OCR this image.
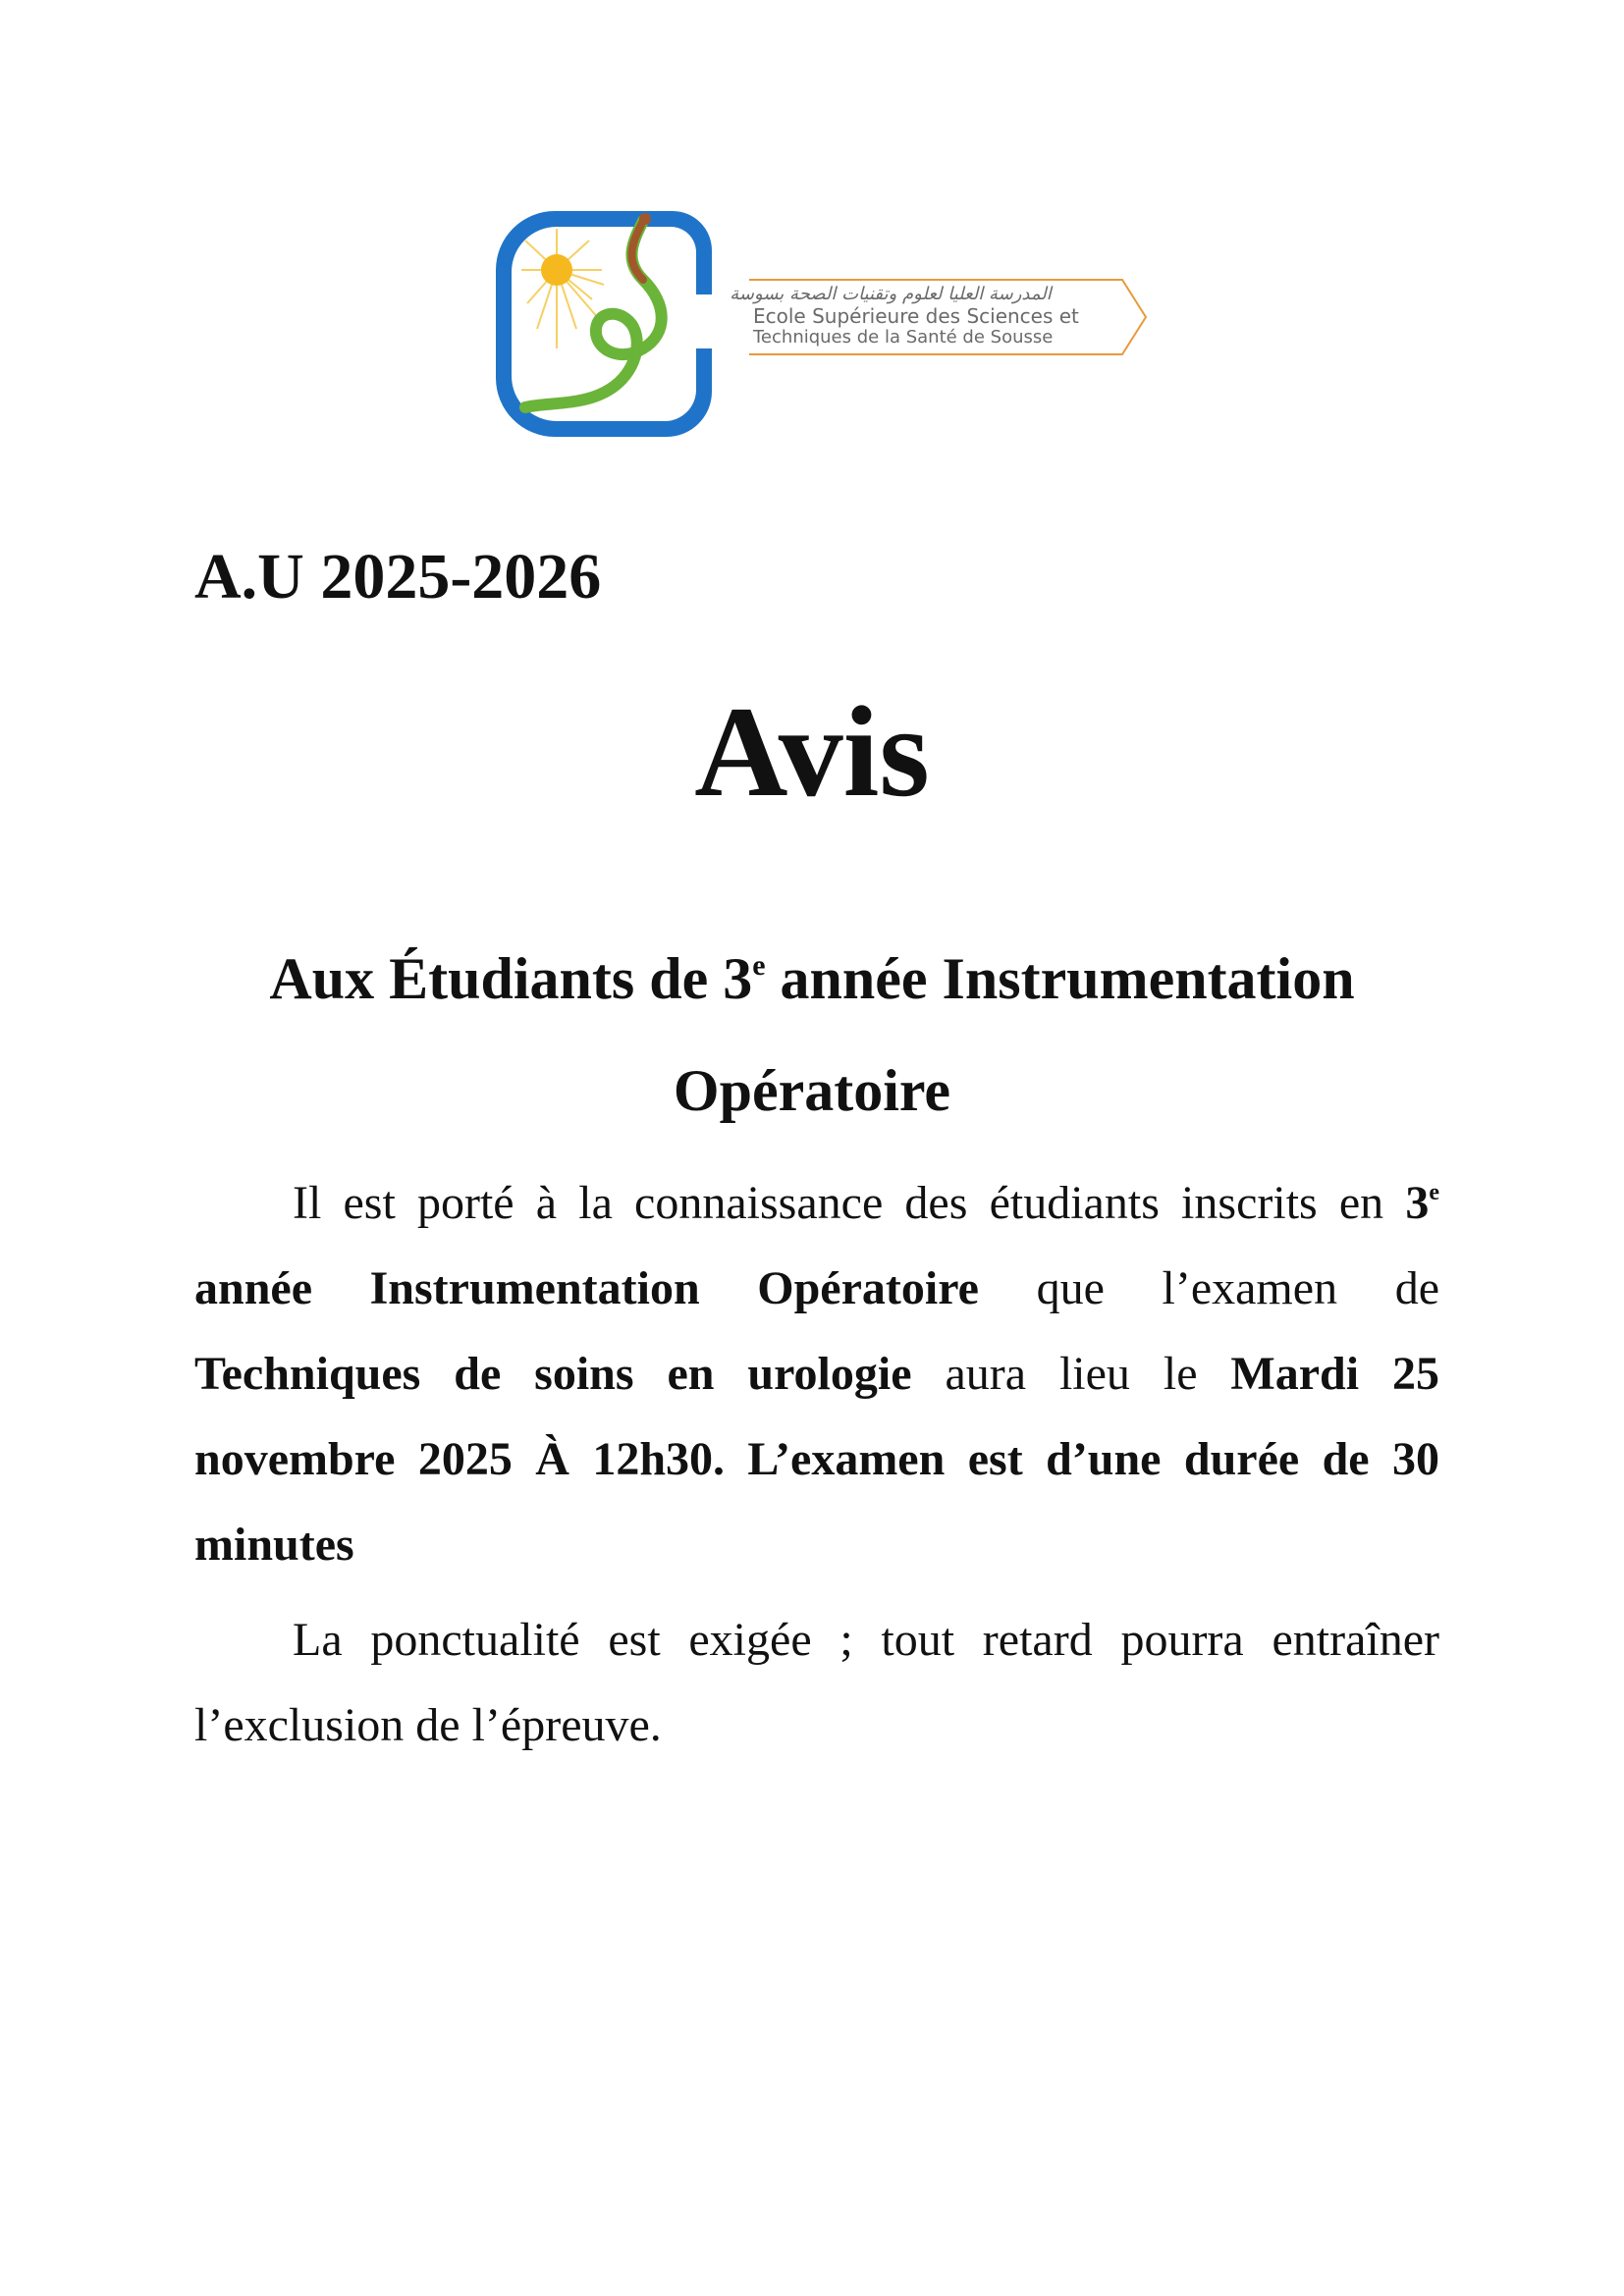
المدرسة العليا لعلوم وتقنيات الصحة بسوسة
Ecole Supérieure des Sciences et
Techniques de la Santé de Sousse
A.U 2025-2026
Avis
Aux Étudiants de 3e année Instrumentation Opératoire

Il est porté à la connaissance des étudiants inscrits en 3e année Instrumentation Opératoire que l’examen de Techniques de soins en urologie aura lieu le Mardi 25 novembre 2025 À 12h30. L’examen est d’une durée de 30 minutes

La ponctualité est exigée ; tout retard pourra entraîner l’exclusion de l’épreuve.
